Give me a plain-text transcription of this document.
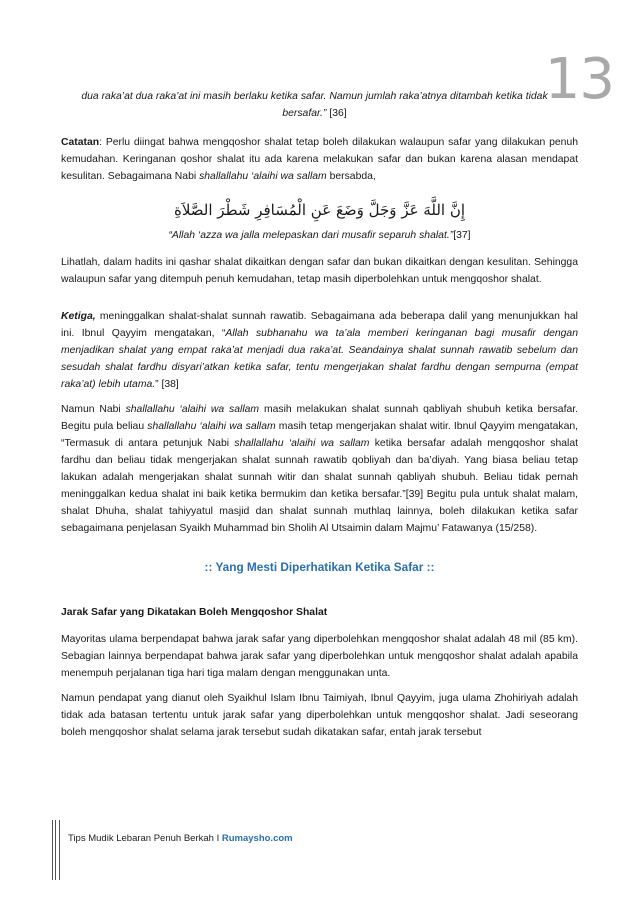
13

dua raka’at dua raka’at ini masih berlaku ketika safar. Namun jumlah raka’atnya ditambah ketika tidak bersafar.” [36]

Catatan: Perlu diingat bahwa mengqoshor shalat tetap boleh dilakukan walaupun safar yang dilakukan penuh kemudahan. Keringanan qoshor shalat itu ada karena melakukan safar dan bukan karena alasan mendapat kesulitan. Sebagaimana Nabi shallallahu ‘alaihi wa sallam bersabda,

إِنَّ اللَّهَ عَزَّ وَجَلَّ وَضَعَ عَنِ الْمُسَافِرِ شَطْرَ الصَّلاَةِ

“Allah ‘azza wa jalla melepaskan dari musafir separuh shalat.”[37]

Lihatlah, dalam hadits ini qashar shalat dikaitkan dengan safar dan bukan dikaitkan dengan kesulitan. Sehingga walaupun safar yang ditempuh penuh kemudahan, tetap masih diperbolehkan untuk mengqoshor shalat.

Ketiga, meninggalkan shalat-shalat sunnah rawatib. Sebagaimana ada beberapa dalil yang menunjukkan hal ini. Ibnul Qayyim mengatakan, “Allah subhanahu wa ta’ala memberi keringanan bagi musafir dengan menjadikan shalat yang empat raka’at menjadi dua raka’at. Seandainya shalat sunnah rawatib sebelum dan sesudah shalat fardhu disyari’atkan ketika safar, tentu mengerjakan shalat fardhu dengan sempurna (empat raka’at) lebih utama.” [38]

Namun Nabi shallallahu ‘alaihi wa sallam masih melakukan shalat sunnah qabliyah shubuh ketika bersafar. Begitu pula beliau shallallahu ‘alaihi wa sallam masih tetap mengerjakan shalat witir. Ibnul Qayyim mengatakan, “Termasuk di antara petunjuk Nabi shallallahu ‘alaihi wa sallam ketika bersafar adalah mengqoshor shalat fardhu dan beliau tidak mengerjakan shalat sunnah rawatib qobliyah dan ba’diyah. Yang biasa beliau tetap lakukan adalah mengerjakan shalat sunnah witir dan shalat sunnah qabliyah shubuh. Beliau tidak pernah meninggalkan kedua shalat ini baik ketika bermukim dan ketika bersafar.”[39] Begitu pula untuk shalat malam, shalat Dhuha, shalat tahiyyatul masjid dan shalat sunnah muthlaq lainnya, boleh dilakukan ketika safar sebagaimana penjelasan Syaikh Muhammad bin Sholih Al Utsaimin dalam Majmu’ Fatawanya (15/258).

:: Yang Mesti Diperhatikan Ketika Safar ::

Jarak Safar yang Dikatakan Boleh Mengqoshor Shalat

Mayoritas ulama berpendapat bahwa jarak safar yang diperbolehkan mengqoshor shalat adalah 48 mil (85 km). Sebagian lainnya berpendapat bahwa jarak safar yang diperbolehkan untuk mengqoshor shalat adalah apabila menempuh perjalanan tiga hari tiga malam dengan menggunakan unta.

Namun pendapat yang dianut oleh Syaikhul Islam Ibnu Taimiyah, Ibnul Qayyim, juga ulama Zhohiriyah adalah tidak ada batasan tertentu untuk jarak safar yang diperbolehkan untuk mengqoshor shalat. Jadi seseorang boleh mengqoshor shalat selama jarak tersebut sudah dikatakan safar, entah jarak tersebut

Tips Mudik Lebaran Penuh Berkah I Rumaysho.com
